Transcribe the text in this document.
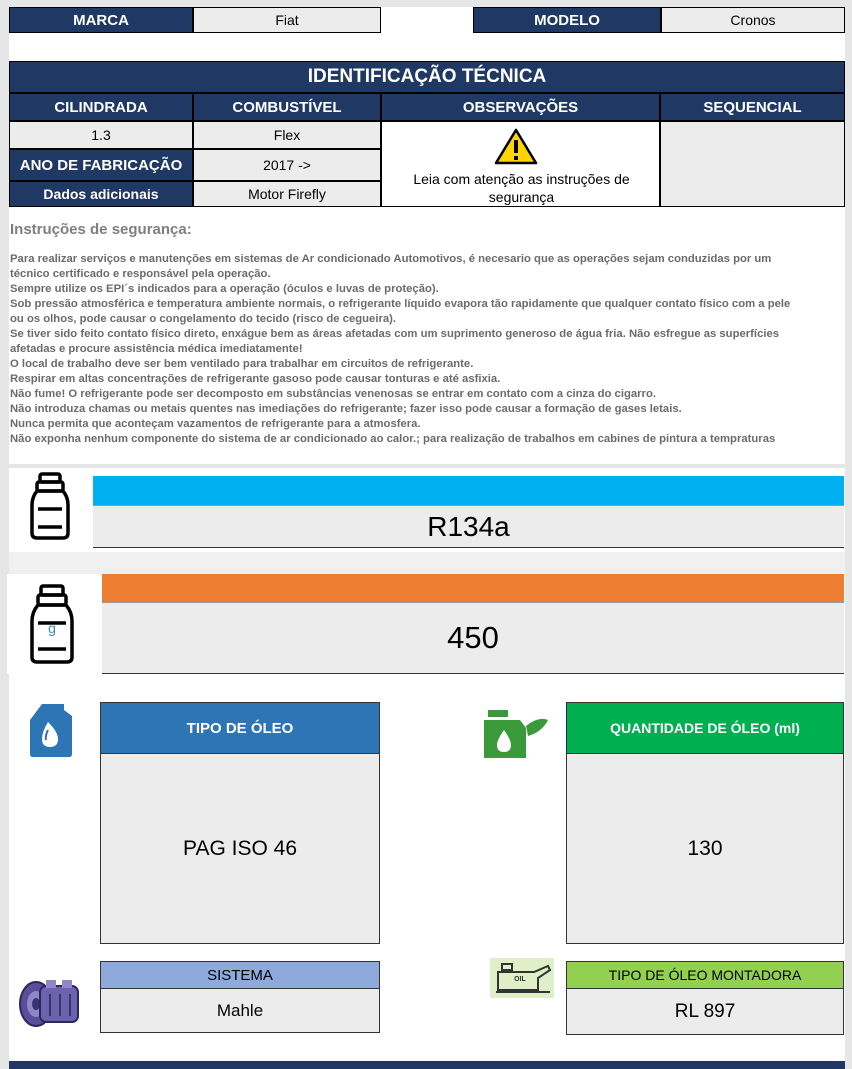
MARCA	Fiat	MODELO	Cronos
IDENTIFICAÇÃO TÉCNICA
CILINDRADA	COMBUSTÍVEL	OBSERVAÇÕES	SEQUENCIAL
1.3	Flex
ANO DE FABRICAÇÃO	2017 ->
Dados adicionais	Motor Firefly
Leia com atenção as instruções de segurança
Instruções de segurança:

Para realizar serviços e manutenções em sistemas de Ar condicionado Automotivos, é necesario que as operações sejam conduzidas por um

técnico certificado e responsável pela operação.

Sempre utilize os EPI´s indicados para a operação (óculos e luvas de proteção).

Sob pressão atmosférica e temperatura ambiente normais, o refrigerante líquido evapora tão rapidamente que qualquer contato físico com a pele

ou os olhos, pode causar o congelamento do tecido (risco de cegueira).

Se tiver sido feito contato físico direto, enxágue bem as áreas afetadas com um suprimento generoso de água fria. Não esfregue as superfícies

afetadas e procure assistência médica imediatamente!

O local de trabalho deve ser bem ventilado para trabalhar em circuitos de refrigerante.

Respirar em altas concentrações de refrigerante gasoso pode causar tonturas e até asfixia.

Não fume! O refrigerante pode ser decomposto em substâncias venenosas se entrar em contato com a cinza do cigarro.

Não introduza chamas ou metais quentes nas imediações do refrigerante; fazer isso pode causar a formação de gases letais.

Nunca permita que aconteçam vazamentos de refrigerante para a atmosfera.

Não exponha nenhum componente do sistema de ar condicionado ao calor.; para realização de trabalhos em cabines de pintura a tempraturas

R134a
g	450
TIPO DE ÓLEO
PAG ISO 46
QUANTIDADE DE ÓLEO (ml)
130
SISTEMA
Mahle
OIL	TIPO DE ÓLEO MONTADORA
RL 897
